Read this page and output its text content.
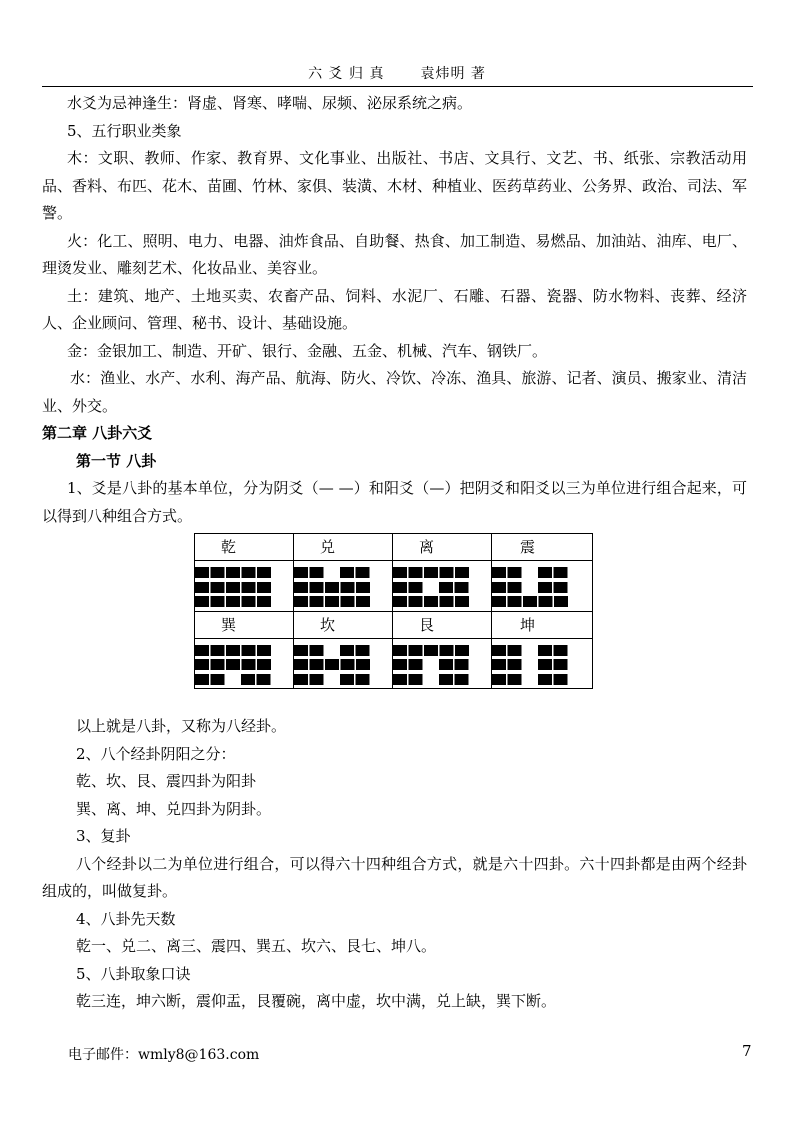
六 爻 归 真	袁炜明 著

水爻为忌神逢生：肾虚、肾寒、哮喘、尿频、泌尿系统之病。

5、五行职业类象

木：文职、教师、作家、教育界、文化事业、出版社、书店、文具行、文艺、书、纸张、宗教活动用品、香料、布匹、花木、苗圃、竹林、家俱、装潢、木材、种植业、医药草药业、公务界、政治、司法、军警。

火：化工、照明、电力、电器、油炸食品、自助餐、热食、加工制造、易燃品、加油站、油库、电厂、理烫发业、雕刻艺术、化妆品业、美容业。

土：建筑、地产、土地买卖、农畜产品、饲料、水泥厂、石雕、石器、瓷器、防水物料、丧葬、经济人、企业顾问、管理、秘书、设计、基础设施。

金：金银加工、制造、开矿、银行、金融、五金、机械、汽车、钢铁厂。

水：渔业、水产、水利、海产品、航海、防火、冷饮、冷冻、渔具、旅游、记者、演员、搬家业、清洁业、外交。

第二章 八卦六爻

第一节 八卦

1、爻是八卦的基本单位，分为阴爻（— —）和阳爻（—）把阴爻和阳爻以三为单位进行组合起来，可以得到八种组合方式。

乾	兑	离	震

巽	坎	艮	坤

以上就是八卦，又称为八经卦。

2、八个经卦阴阳之分：

乾、坎、艮、震四卦为阳卦

巽、离、坤、兑四卦为阴卦。

3、复卦

八个经卦以二为单位进行组合，可以得六十四种组合方式，就是六十四卦。六十四卦都是由两个经卦组成的，叫做复卦。

4、八卦先天数

乾一、兑二、离三、震四、巽五、坎六、艮七、坤八。

5、八卦取象口诀

乾三连，坤六断，震仰盂，艮覆碗，离中虚，坎中满，兑上缺，巽下断。

电子邮件：wmly8@163.com	7
